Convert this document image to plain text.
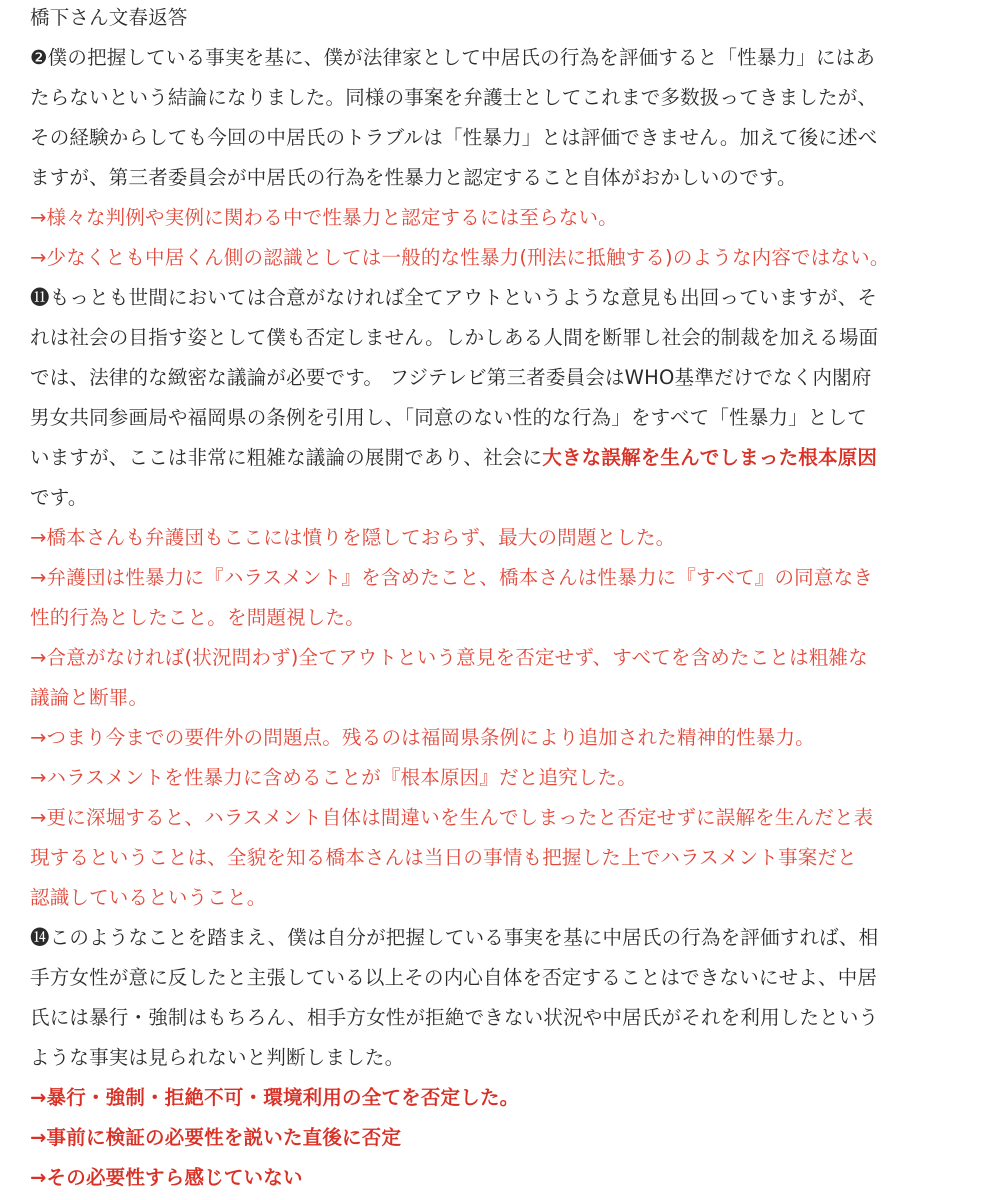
橋下さん文春返答
❷僕の把握している事実を基に、僕が法律家として中居氏の行為を評価すると「性暴力」にはあ
たらないという結論になりました。同様の事案を弁護士としてこれまで多数扱ってきましたが、
その経験からしても今回の中居氏のトラブルは「性暴力」とは評価できません。加えて後に述べ
ますが、第三者委員会が中居氏の行為を性暴力と認定すること自体がおかしいのです。
→様々な判例や実例に関わる中で性暴力と認定するには至らない。
→少なくとも中居くん側の認識としては一般的な性暴力(刑法に抵触する)のような内容ではない。
⓫もっとも世間においては合意がなければ全てアウトというような意見も出回っていますが、そ
れは社会の目指す姿として僕も否定しません。しかしある人間を断罪し社会的制裁を加える場面
では、法律的な緻密な議論が必要です。 フジテレビ第三者委員会はWHO基準だけでなく内閣府
男女共同参画局や福岡県の条例を引用し、「同意のない性的な行為」をすべて「性暴力」として
いますが、ここは非常に粗雑な議論の展開であり、社会に大きな誤解を生んでしまった根本原因
です。
→橋本さんも弁護団もここには憤りを隠しておらず、最大の問題とした。
→弁護団は性暴力に『ハラスメント』を含めたこと、橋本さんは性暴力に『すべて』の同意なき
性的行為としたこと。を問題視した。
→合意がなければ(状況問わず)全てアウトという意見を否定せず、すべてを含めたことは粗雑な
議論と断罪。
→つまり今までの要件外の問題点。残るのは福岡県条例により追加された精神的性暴力。
→ハラスメントを性暴力に含めることが『根本原因』だと追究した。
→更に深堀すると、ハラスメント自体は間違いを生んでしまったと否定せずに誤解を生んだと表
現するということは、全貌を知る橋本さんは当日の事情も把握した上でハラスメント事案だと
認識しているということ。
⓮このようなことを踏まえ、僕は自分が把握している事実を基に中居氏の行為を評価すれば、相
手方女性が意に反したと主張している以上その内心自体を否定することはできないにせよ、中居
氏には暴行・強制はもちろん、相手方女性が拒絶できない状況や中居氏がそれを利用したという
ような事実は見られないと判断しました。
→暴行・強制・拒絶不可・環境利用の全てを否定した。
→事前に検証の必要性を説いた直後に否定
→その必要性すら感じていない
